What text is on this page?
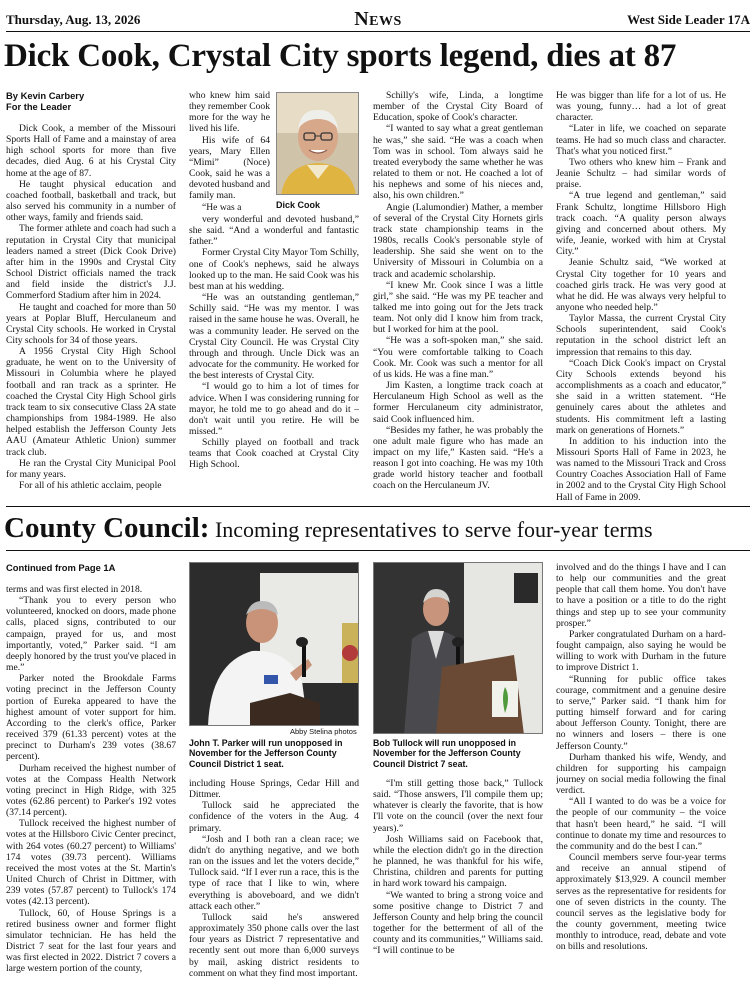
Thursday, Aug. 13, 2026	News	West Side Leader 17A
Dick Cook, Crystal City sports legend, dies at 87

By Kevin Carbery

For the Leader

Dick Cook, a member of the Missouri Sports Hall of Fame and a mainstay of area high school sports for more than five decades, died Aug. 6 at his Crystal City home at the age of 87.

He taught physical education and coached football, basketball and track, but also served his community in a number of other ways, family and friends said.

The former athlete and coach had such a reputation in Crystal City that municipal leaders named a street (Dick Cook Drive) after him in the 1990s and Crystal City School District officials named the track and field inside the district's J.J. Commerford Stadium after him in 2024.

He taught and coached for more than 50 years at Poplar Bluff, Herculaneum and Crystal City schools. He worked in Crystal City schools for 34 of those years.

A 1956 Crystal City High School graduate, he went on to the University of Missouri in Columbia where he played football and ran track as a sprinter. He coached the Crystal City High School girls track team to six consecutive Class 2A state championships from 1984-1989. He also helped establish the Jefferson County Jets AAU (Amateur Athletic Union) summer track club.

He ran the Crystal City Municipal Pool for many years.

For all of his athletic acclaim, people

who knew him said they remember Cook more for the way he lived his life.

His wife of 64 years, Mary Ellen “Mimi” (Noce) Cook, said he was a devoted husband and family man.

“He was a	Dick Cook

very wonderful and devoted husband,” she said. “And a wonderful and fantastic father.”

Former Crystal City Mayor Tom Schilly, one of Cook's nephews, said he always looked up to the man. He said Cook was his best man at his wedding.

“He was an outstanding gentleman,” Schilly said. “He was my mentor. I was raised in the same house he was. Overall, he was a community leader. He served on the Crystal City Council. He was Crystal City through and through. Uncle Dick was an advocate for the community. He worked for the best interests of Crystal City.

“I would go to him a lot of times for advice. When I was considering running for mayor, he told me to go ahead and do it – don't wait until you retire. He will be missed.”

Schilly played on football and track teams that Cook coached at Crystal City High School.

Schilly's wife, Linda, a longtime member of the Crystal City Board of Education, spoke of Cook's character.

“I wanted to say what a great gentleman he was,” she said. “He was a coach when Tom was in school. Tom always said he treated everybody the same whether he was related to them or not. He coached a lot of his nephews and some of his nieces and, also, his own children.”

Angie (Lalumondier) Mather, a member of several of the Crystal City Hornets girls track state championship teams in the 1980s, recalls Cook's personable style of leadership. She said she went on to the University of Missouri in Columbia on a track and academic scholarship.

“I knew Mr. Cook since I was a little girl,” she said. “He was my PE teacher and talked me into going out for the Jets track team. Not only did I know him from track, but I worked for him at the pool.

“He was a soft-spoken man,” she said. “You were comfortable talking to Coach Cook. Mr. Cook was such a mentor for all of us kids. He was a fine man.”

Jim Kasten, a longtime track coach at Herculaneum High School as well as the former Herculaneum city administrator, said Cook influenced him.

“Besides my father, he was probably the one adult male figure who has made an impact on my life,” Kasten said. “He's a reason I got into coaching. He was my 10th grade world history teacher and football coach on the Herculaneum JV.

He was bigger than life for a lot of us. He was young, funny… had a lot of great character.

“Later in life, we coached on separate teams. He had so much class and character. That's what you noticed first.”

Two others who knew him – Frank and Jeanie Schultz – had similar words of praise.

“A true legend and gentleman,” said Frank Schultz, longtime Hillsboro High track coach. “A quality person always giving and concerned about others. My wife, Jeanie, worked with him at Crystal City.”

Jeanie Schultz said, “We worked at Crystal City together for 10 years and coached girls track. He was very good at what he did. He was always very helpful to anyone who needed help.”

Taylor Massa, the current Crystal City Schools superintendent, said Cook's reputation in the school district left an impression that remains to this day.

“Coach Dick Cook's impact on Crystal City Schools extends beyond his accomplishments as a coach and educator,” she said in a written statement. “He genuinely cares about the athletes and students. His commitment left a lasting mark on generations of Hornets.”

In addition to his induction into the Missouri Sports Hall of Fame in 2023, he was named to the Missouri Track and Cross Country Coaches Association Hall of Fame in 2002 and to the Crystal City High School Hall of Fame in 2009.

County Council: Incoming representatives to serve four-year terms

Continued from Page 1A

terms and was first elected in 2018.

“Thank you to every person who volunteered, knocked on doors, made phone calls, placed signs, contributed to our campaign, prayed for us, and most importantly, voted,” Parker said. “I am deeply honored by the trust you've placed in me.”

Parker noted the Brookdale Farms voting precinct in the Jefferson County portion of Eureka appeared to have the highest amount of voter support for him. According to the clerk's office, Parker received 379 (61.33 percent) votes at the precinct to Durham's 239 votes (38.67 percent).

Durham received the highest number of votes at the Compass Health Network voting precinct in High Ridge, with 325 votes (62.86 percent) to Parker's 192 votes (37.14 percent).

Tullock received the highest number of votes at the Hillsboro Civic Center precinct, with 264 votes (60.27 percent) to Williams' 174 votes (39.73 percent). Williams received the most votes at the St. Martin's United Church of Christ in Dittmer, with 239 votes (57.87 percent) to Tullock's 174 votes (42.13 percent).

Tullock, 60, of House Springs is a retired business owner and former flight simulator technician. He has held the District 7 seat for the last four years and was first elected in 2022. District 7 covers a large western portion of the county,

Abby Stelina photos
John T. Parker will run unopposed in November for the Jefferson County Council District 1 seat.
Bob Tullock will run unopposed in November for the Jefferson County Council District 7 seat.

including House Springs, Cedar Hill and Dittmer.

Tullock said he appreciated the confidence of the voters in the Aug. 4 primary.

“Josh and I both ran a clean race; we didn't do anything negative, and we both ran on the issues and let the voters decide,” Tullock said. “If I ever run a race, this is the type of race that I like to win, where everything is aboveboard, and we didn't attack each other.”

Tullock said he's answered approximately 350 phone calls over the last four years as District 7 representative and recently sent out more than 6,000 surveys by mail, asking district residents to comment on what they find most important.

“I'm still getting those back,” Tullock said. “Those answers, I'll compile them up; whatever is clearly the favorite, that is how I'll vote on the council (over the next four years).”

Josh Williams said on Facebook that, while the election didn't go in the direction he planned, he was thankful for his wife, Christina, children and parents for putting in hard work toward his campaign.

“We wanted to bring a strong voice and some positive change to District 7 and Jefferson County and help bring the council together for the betterment of all of the county and its communities,” Williams said. “I will continue to be

involved and do the things I have and I can to help our communities and the great people that call them home. You don't have to have a position or a title to do the right things and step up to see your community prosper.”

Parker congratulated Durham on a hard-fought campaign, also saying he would be willing to work with Durham in the future to improve District 1.

“Running for public office takes courage, commitment and a genuine desire to serve,” Parker said. “I thank him for putting himself forward and for caring about Jefferson County. Tonight, there are no winners and losers – there is one Jefferson County.”

Durham thanked his wife, Wendy, and children for supporting his campaign journey on social media following the final verdict.

“All I wanted to do was be a voice for the people of our community – the voice that hasn't been heard,” he said. “I will continue to donate my time and resources to the community and do the best I can.”

Council members serve four-year terms and receive an annual stipend of approximately $13,929. A council member serves as the representative for residents for one of seven districts in the county. The council serves as the legislative body for the county government, meeting twice monthly to introduce, read, debate and vote on bills and resolutions.
